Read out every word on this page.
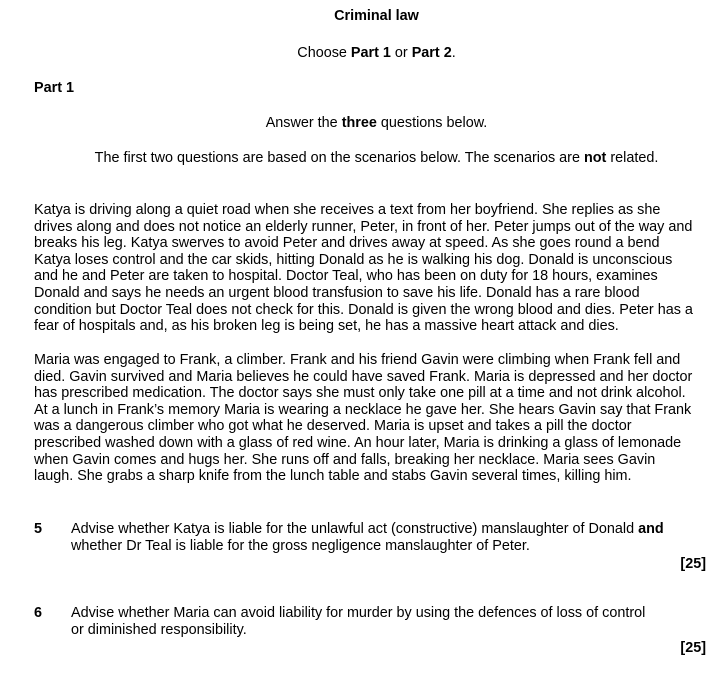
Criminal law
Choose Part 1 or Part 2.
Part 1
Answer the three questions below.
The first two questions are based on the scenarios below. The scenarios are not related.
Katya is driving along a quiet road when she receives a text from her boyfriend. She replies as she
drives along and does not notice an elderly runner, Peter, in front of her. Peter jumps out of the way and
breaks his leg. Katya swerves to avoid Peter and drives away at speed. As she goes round a bend
Katya loses control and the car skids, hitting Donald as he is walking his dog. Donald is unconscious
and he and Peter are taken to hospital. Doctor Teal, who has been on duty for 18 hours, examines
Donald and says he needs an urgent blood transfusion to save his life. Donald has a rare blood
condition but Doctor Teal does not check for this. Donald is given the wrong blood and dies. Peter has a
fear of hospitals and, as his broken leg is being set, he has a massive heart attack and dies.
Maria was engaged to Frank, a climber. Frank and his friend Gavin were climbing when Frank fell and
died. Gavin survived and Maria believes he could have saved Frank. Maria is depressed and her doctor
has prescribed medication. The doctor says she must only take one pill at a time and not drink alcohol.
At a lunch in Frank’s memory Maria is wearing a necklace he gave her. She hears Gavin say that Frank
was a dangerous climber who got what he deserved. Maria is upset and takes a pill the doctor
prescribed washed down with a glass of red wine. An hour later, Maria is drinking a glass of lemonade
when Gavin comes and hugs her. She runs off and falls, breaking her necklace. Maria sees Gavin
laugh. She grabs a sharp knife from the lunch table and stabs Gavin several times, killing him.
5 Advise whether Katya is liable for the unlawful act (constructive) manslaughter of Donald and
whether Dr Teal is liable for the gross negligence manslaughter of Peter.
[25]
6 Advise whether Maria can avoid liability for murder by using the defences of loss of control
or diminished responsibility.
[25]
